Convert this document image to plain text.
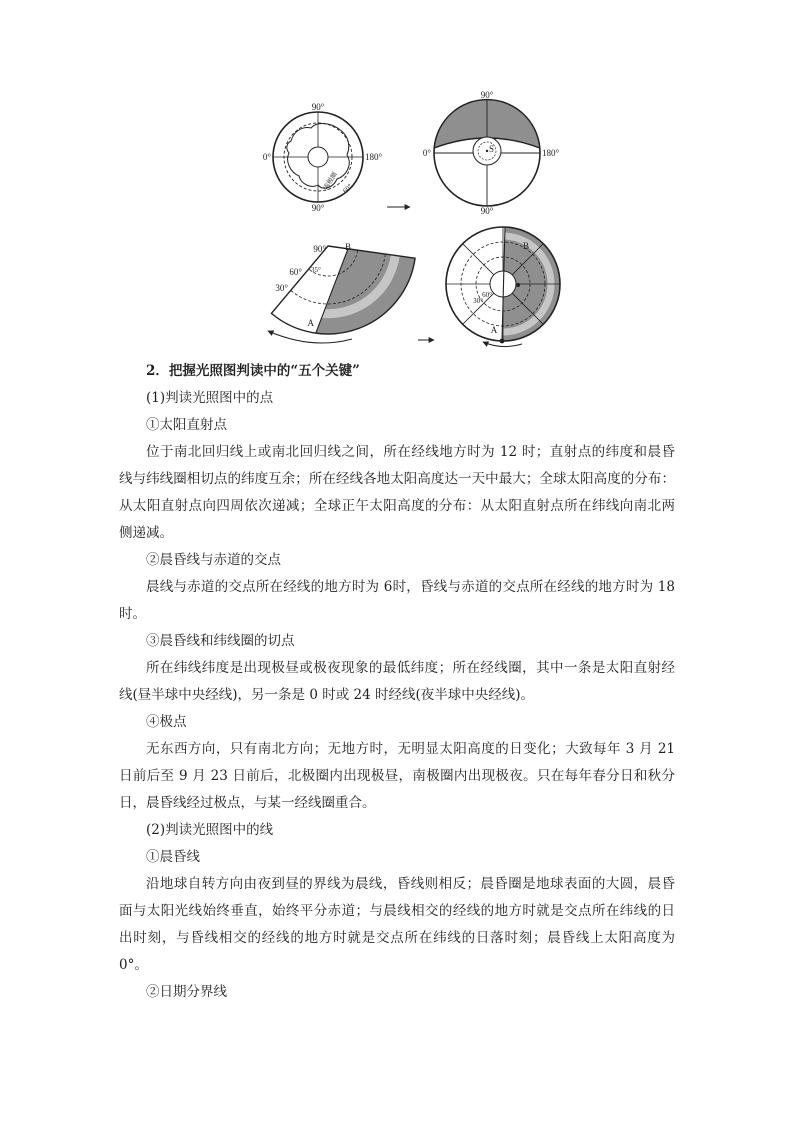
90°
0°	180°
90°
60°
南极圈
S
90°
0°	180°
90°
90° B
35°
60°
30°
A
B
A
60°
30°
2．把握光照图判读中的“五个关键”
(1)判读光照图中的点
①太阳直射点
位于南北回归线上或南北回归线之间，所在经线地方时为 12 时；直射点的纬度和晨昏
线与纬线圈相切点的纬度互余；所在经线各地太阳高度达一天中最大；全球太阳高度的分布：
从太阳直射点向四周依次递减；全球正午太阳高度的分布：从太阳直射点所在纬线向南北两
侧递减。
②晨昏线与赤道的交点
晨线与赤道的交点所在经线的地方时为 6时，昏线与赤道的交点所在经线的地方时为 18
时。
③晨昏线和纬线圈的切点
所在纬线纬度是出现极昼或极夜现象的最低纬度；所在经线圈，其中一条是太阳直射经
线(昼半球中央经线)，另一条是 0 时或 24 时经线(夜半球中央经线)。
④极点
无东西方向，只有南北方向；无地方时，无明显太阳高度的日变化；大致每年 3 月 21
日前后至 9 月 23 日前后，北极圈内出现极昼，南极圈内出现极夜。只在每年春分日和秋分
日，晨昏线经过极点，与某一经线圈重合。
(2)判读光照图中的线
①晨昏线
沿地球自转方向由夜到昼的界线为晨线，昏线则相反；晨昏圈是地球表面的大圆，晨昏
面与太阳光线始终垂直，始终平分赤道；与晨线相交的经线的地方时就是交点所在纬线的日
出时刻，与昏线相交的经线的地方时就是交点所在纬线的日落时刻；晨昏线上太阳高度为
0°。
②日期分界线
